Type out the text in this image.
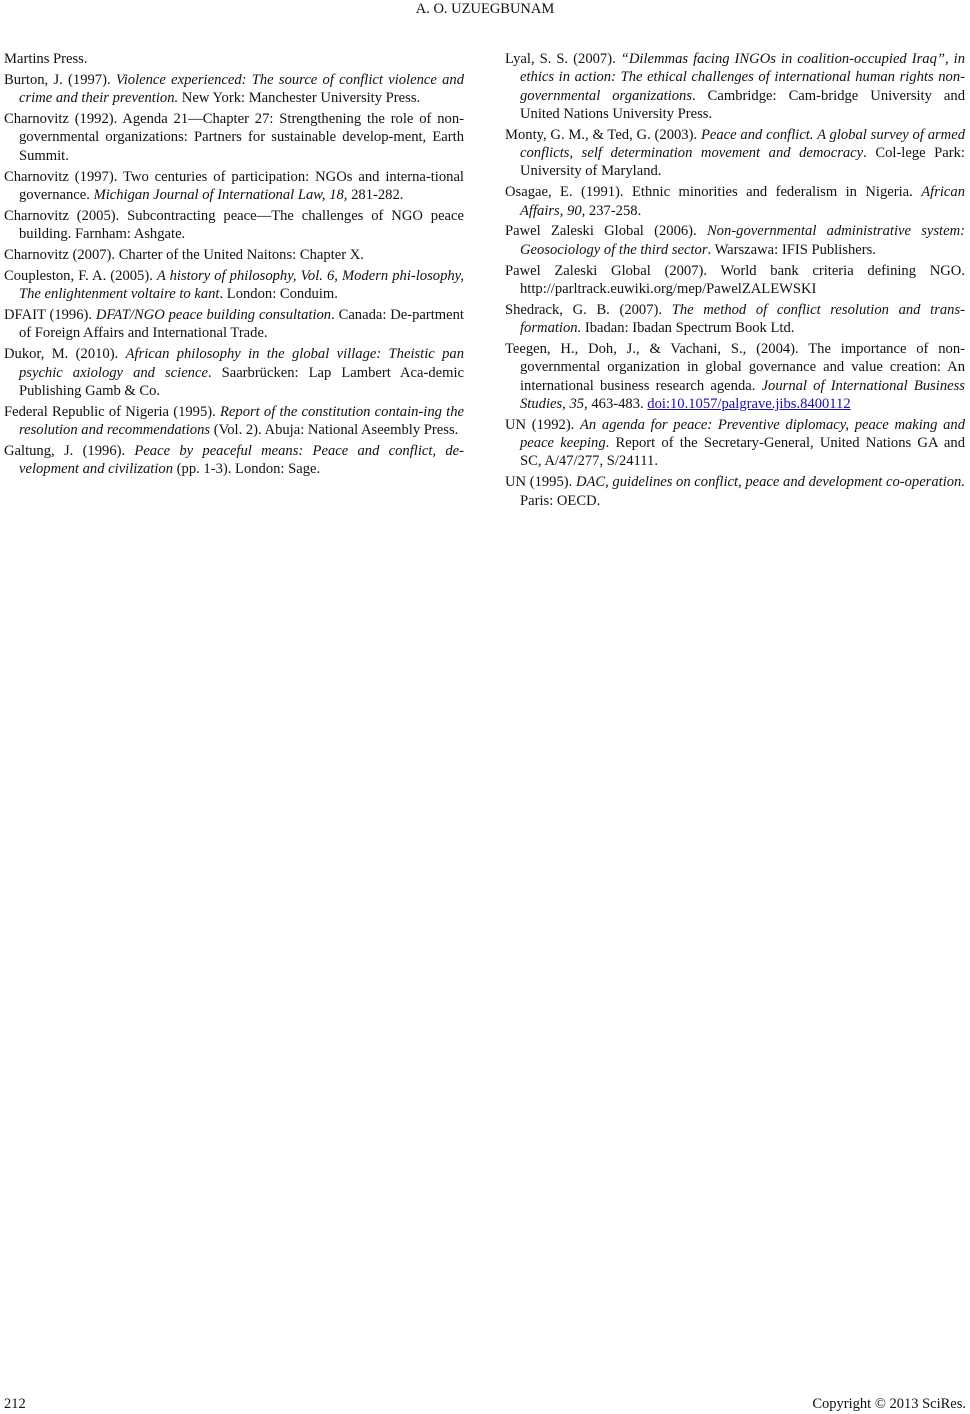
A. O. UZUEGBUNAM

Martins Press.

Burton, J. (1997). Violence experienced: The source of conflict violence and crime and their prevention. New York: Manchester University Press.

Charnovitz (1992). Agenda 21—Chapter 27: Strengthening the role of non-governmental organizations: Partners for sustainable develop-ment, Earth Summit.

Charnovitz (1997). Two centuries of participation: NGOs and interna-tional governance. Michigan Journal of International Law, 18, 281-282.

Charnovitz (2005). Subcontracting peace—The challenges of NGO peace building. Farnham: Ashgate.

Charnovitz (2007). Charter of the United Naitons: Chapter X.

Coupleston, F. A. (2005). A history of philosophy, Vol. 6, Modern phi-losophy, The enlightenment voltaire to kant. London: Conduim.

DFAIT (1996). DFAT/NGO peace building consultation. Canada: De-partment of Foreign Affairs and International Trade.

Dukor, M. (2010). African philosophy in the global village: Theistic pan psychic axiology and science. Saarbrücken: Lap Lambert Aca-demic Publishing Gamb & Co.

Federal Republic of Nigeria (1995). Report of the constitution contain-ing the resolution and recommendations (Vol. 2). Abuja: National Aseembly Press.

Galtung, J. (1996). Peace by peaceful means: Peace and conflict, de-velopment and civilization (pp. 1-3). London: Sage.

Lyal, S. S. (2007). “Dilemmas facing INGOs in coalition-occupied Iraq”, in ethics in action: The ethical challenges of international human rights non-governmental organizations. Cambridge: Cam-bridge University and United Nations University Press.

Monty, G. M., & Ted, G. (2003). Peace and conflict. A global survey of armed conflicts, self determination movement and democracy. Col-lege Park: University of Maryland.

Osagae, E. (1991). Ethnic minorities and federalism in Nigeria. African Affairs, 90, 237-258.

Pawel Zaleski Global (2006). Non-governmental administrative system: Geosociology of the third sector. Warszawa: IFIS Publishers.

Pawel Zaleski Global (2007). World bank criteria defining NGO. http://parltrack.euwiki.org/mep/PawelZALEWSKI

Shedrack, G. B. (2007). The method of conflict resolution and trans-formation. Ibadan: Ibadan Spectrum Book Ltd.

Teegen, H., Doh, J., & Vachani, S., (2004). The importance of non-governmental organization in global governance and value creation: An international business research agenda. Journal of International Business Studies, 35, 463-483. doi:10.1057/palgrave.jibs.8400112

UN (1992). An agenda for peace: Preventive diplomacy, peace making and peace keeping. Report of the Secretary-General, United Nations GA and SC, A/47/277, S/24111.

UN (1995). DAC, guidelines on conflict, peace and development co-operation. Paris: OECD.

212	Copyright © 2013 SciRes.
